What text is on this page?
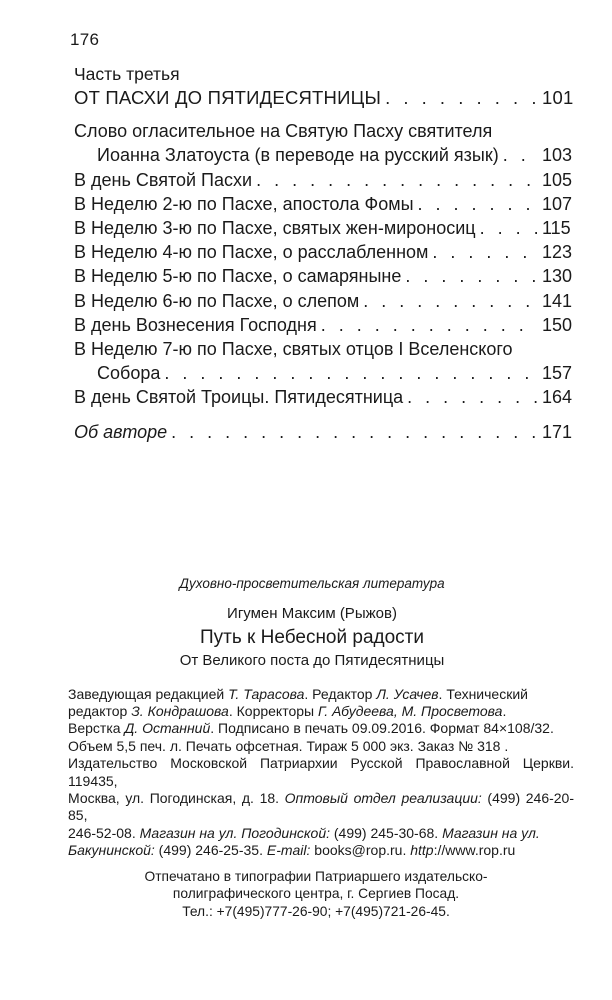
176
Часть третья
ОТ ПАСХИ ДО ПЯТИДЕСЯТНИЦЫ . . .	101
Слово огласительное на Святую Пасху святителя
Иоанна Златоуста (в переводе на русский язык) . . . 103
В день Святой Пасхи . . .	105
В Неделю 2-ю по Пасхе, апостола Фомы . . .	107
В Неделю 3-ю по Пасхе, святых жен-мироносиц . . .	115
В Неделю 4-ю по Пасхе, о расслабленном . . .	123
В Неделю 5-ю по Пасхе, о самаряныне . . .	130
В Неделю 6-ю по Пасхе, о слепом . . .	141
В день Вознесения Господня . . .	150
В Неделю 7-ю по Пасхе, святых отцов I Вселенского
Собора . . .	157
В день Святой Троицы. Пятидесятница . . .	164
Об авторе . . .	171
Духовно-просветительская литература
Игумен Максим (Рыжов)
Путь к Небесной радости
От Великого поста до Пятидесятницы

Заведующая редакцией Т. Тарасова. Редактор Л. Усачев. Технический

редактор З. Кондрашова. Корректоры Г. Абудеева, М. Просветова.

Верстка Д. Останний. Подписано в печать 09.09.2016. Формат 84×108/32.

Объем 5,5 печ. л. Печать офсетная. Тираж 5 000 экз. Заказ № 318 .

Издательство Московской Патриархии Русской Православной Церкви. 119435,

Москва, ул. Погодинская, д. 18. Оптовый отдел реализации: (499) 246-20-85,

246-52-08. Магазин на ул. Погодинской: (499) 245-30-68. Магазин на ул.

Бакунинской: (499) 246-25-35. E-mail: books@rop.ru. http://www.rop.ru

Отпечатано в типографии Патриаршего издательско-
полиграфического центра, г. Сергиев Посад.
Тел.: +7(495)777-26-90; +7(495)721-26-45.
